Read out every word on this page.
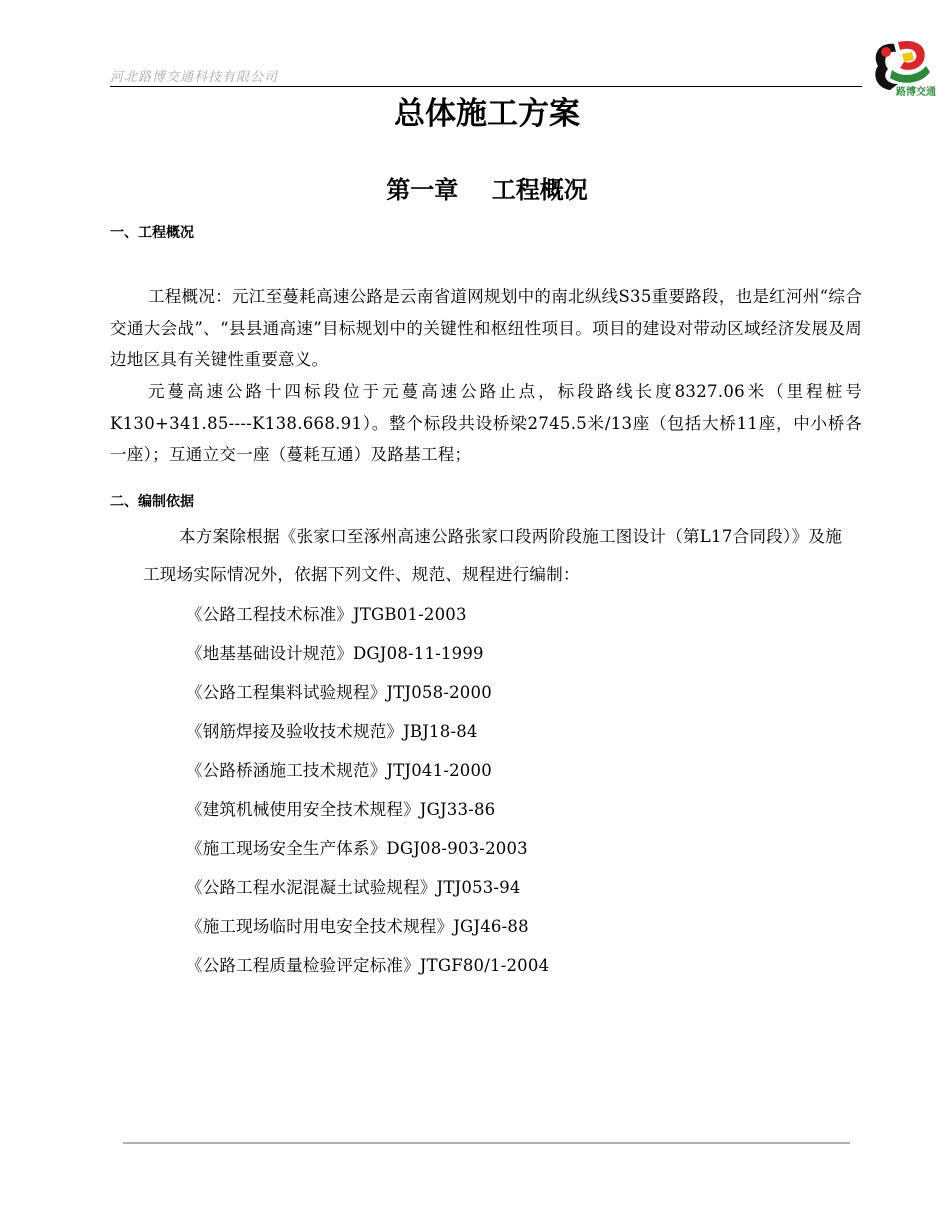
河北路博交通科技有限公司
路博交通
总体施工方案
第一章    工程概况
一、工程概况

工程概况：元江至蔓耗高速公路是云南省道网规划中的南北纵线S35重要路段，也是红河州“综合交通大会战”、“县县通高速”目标规划中的关键性和枢纽性项目。项目的建设对带动区域经济发展及周边地区具有关键性重要意义。

元蔓高速公路十四标段位于元蔓高速公路止点，标段路线长度8327.06米（里程桩号K130+341.85----K138.668.91）。整个标段共设桥梁2745.5米/13座（包括大桥11座，中小桥各一座）；互通立交一座（蔓耗互通）及路基工程；

二、编制依据

本方案除根据《张家口至涿州高速公路张家口段两阶段施工图设计（第L17合同段）》及施工现场实际情况外，依据下列文件、规范、规程进行编制：

《公路工程技术标准》JTGB01-2003
《地基基础设计规范》DGJ08-11-1999
《公路工程集料试验规程》JTJ058-2000
《钢筋焊接及验收技术规范》JBJ18-84
《公路桥涵施工技术规范》JTJ041-2000
《建筑机械使用安全技术规程》JGJ33-86
《施工现场安全生产体系》DGJ08-903-2003
《公路工程水泥混凝土试验规程》JTJ053-94
《施工现场临时用电安全技术规程》JGJ46-88
《公路工程质量检验评定标准》JTGF80/1-2004
